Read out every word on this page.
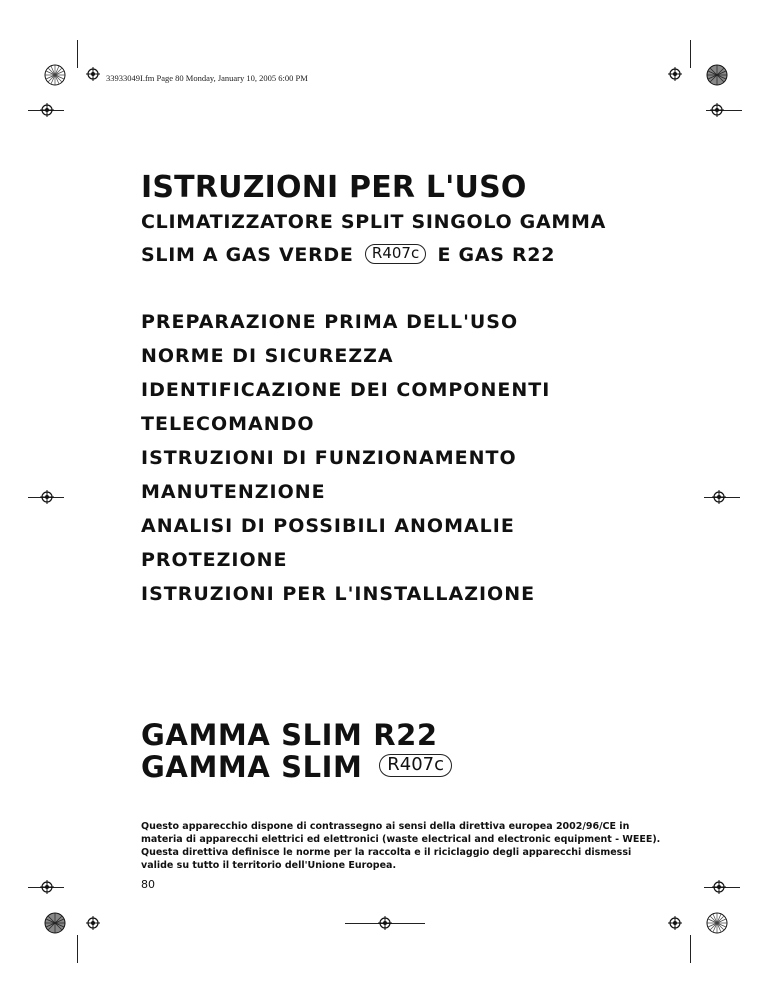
33933049I.fm Page 80 Monday, January 10, 2005 6:00 PM
ISTRUZIONI PER L'USO

CLIMATIZZATORE SPLIT SINGOLO GAMMA

SLIM A GAS VERDE R407c E GAS R22

PREPARAZIONE PRIMA DELL'USO
NORME DI SICUREZZA
IDENTIFICAZIONE DEI COMPONENTI
TELECOMANDO
ISTRUZIONI DI FUNZIONAMENTO
MANUTENZIONE
ANALISI DI POSSIBILI ANOMALIE
PROTEZIONE
ISTRUZIONI PER L'INSTALLAZIONE

GAMMA SLIM R22

GAMMA SLIM R407c

Questo apparecchio dispone di contrassegno ai sensi della direttiva europea 2002/96/CE in materia di apparecchi elettrici ed elettronici (waste electrical and electronic equipment - WEEE). Questa direttiva definisce le norme per la raccolta e il riciclaggio degli apparecchi dismessi valide su tutto il territorio dell'Unione Europea.

80
